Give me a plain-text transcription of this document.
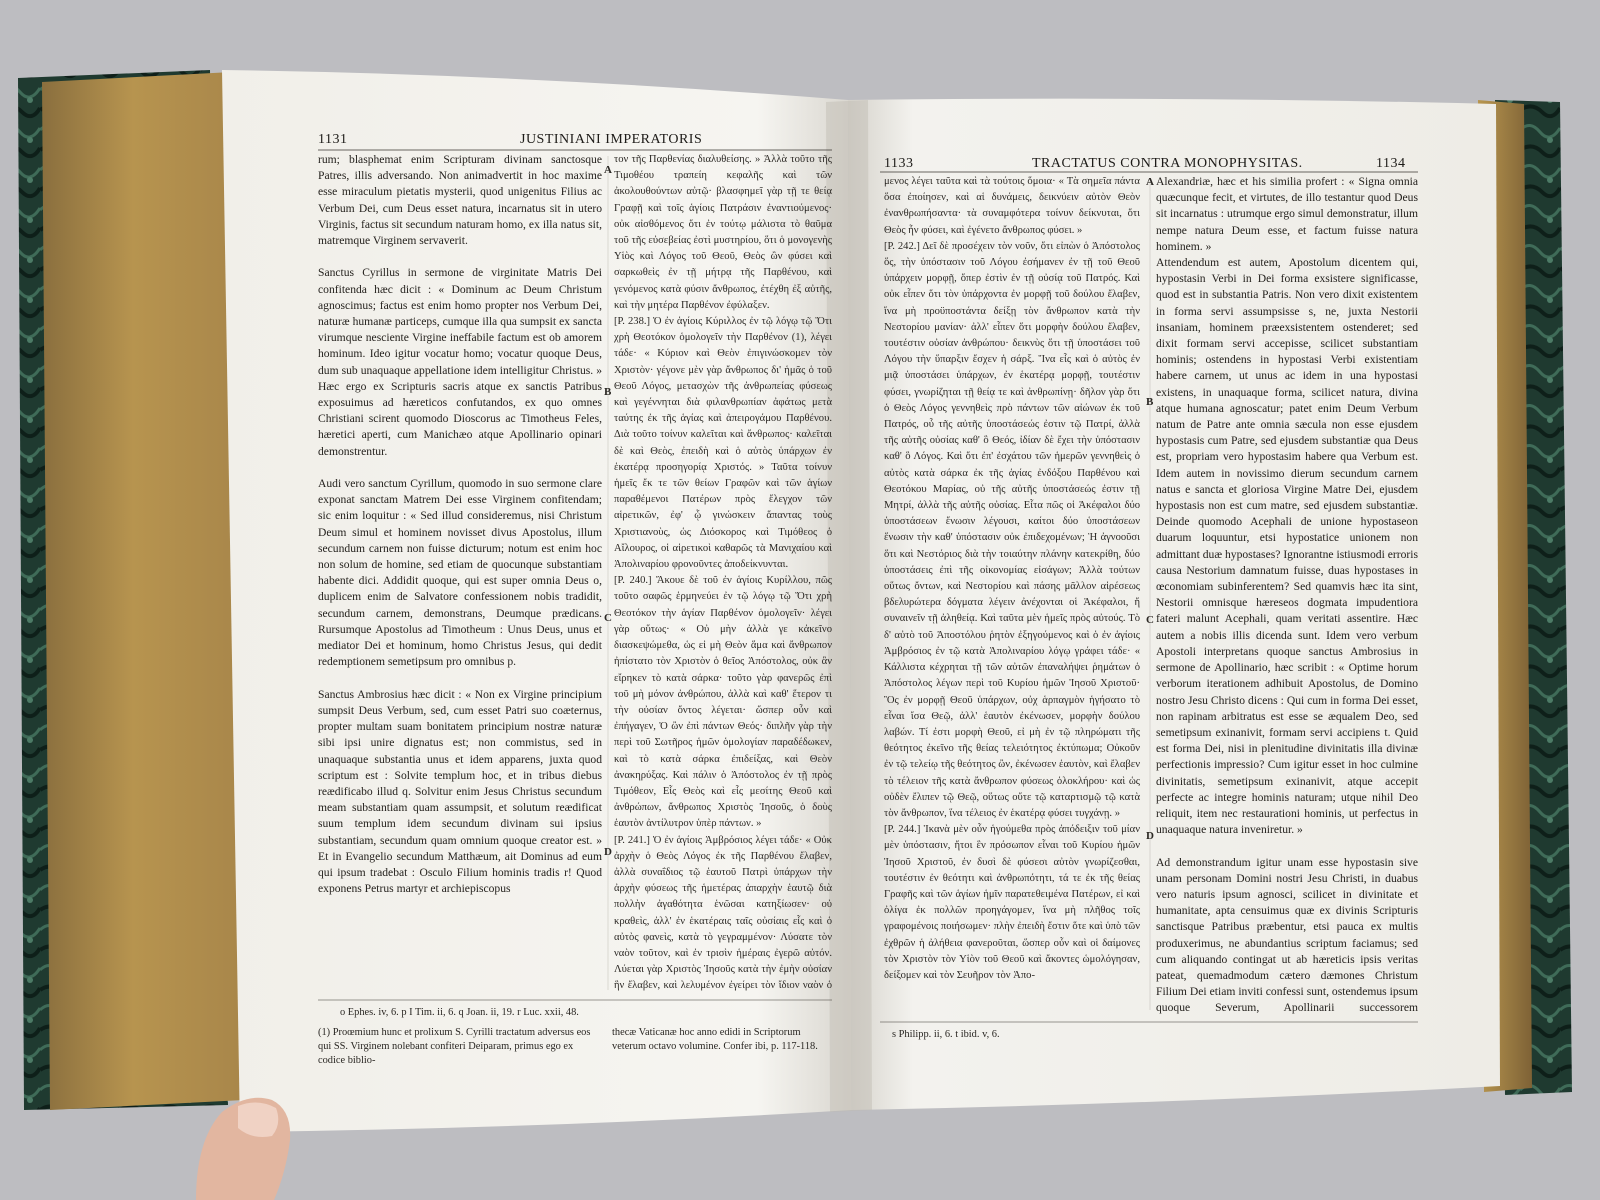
1131	JUSTINIANI IMPERATORIS
rum; blasphemat enim Scripturam divinam sanctosque Patres, illis adversando. Non animadvertit in hoc maxime esse miraculum pietatis mysterii, quod unigenitus Filius ac Verbum Dei, cum Deus esset natura, incarnatus sit in utero Virginis, factus sit secundum naturam homo, ex illa natus sit, matremque Virginem servaverit.

Sanctus Cyrillus in sermone de virginitate Matris Dei confitenda hæc dicit : « Dominum ac Deum Christum agnoscimus; factus est enim homo propter nos Verbum Dei, naturæ humanæ particeps, cumque illa qua sumpsit ex sancta virumque nesciente Virgine ineffabile factum est ob amorem hominum. Ideo igitur vocatur homo; vocatur quoque Deus, dum sub unaquaque appellatione idem intelligitur Christus. » Hæc ergo ex Scripturis sacris atque ex sanctis Patribus exposuimus ad hæreticos confutandos, ex quo omnes Christiani scirent quomodo Dioscorus ac Timotheus Feles, hæretici aperti, cum Manichæo atque Apollinario opinari demonstrentur.

Audi vero sanctum Cyrillum, quomodo in suo sermone clare exponat sanctam Matrem Dei esse Virginem confitendam; sic enim loquitur : « Sed illud consideremus, nisi Christum Deum simul et hominem novisset divus Apostolus, illum secundum carnem non fuisse dicturum; notum est enim hoc non solum de homine, sed etiam de quocunque substantiam habente dici. Addidit quoque, qui est super omnia Deus o, duplicem enim de Salvatore confessionem nobis tradidit, secundum carnem, demonstrans, Deumque prædicans. Rursumque Apostolus ad Timotheum : Unus Deus, unus et mediator Dei et hominum, homo Christus Jesus, qui dedit redemptionem semetipsum pro omnibus p.

Sanctus Ambrosius hæc dicit : « Non ex Virgine principium sumpsit Deus Verbum, sed, cum esset Patri suo coæternus, propter multam suam bonitatem principium nostræ naturæ sibi ipsi unire dignatus est; non commistus, sed in unaquaque substantia unus et idem apparens, juxta quod scriptum est : Solvite templum hoc, et in tribus diebus reædificabo illud q. Solvitur enim Jesus Christus secundum meam substantiam quam assumpsit, et solutum reædificat suum templum idem secundum divinam sui ipsius substantiam, secundum quam omnium quoque creator est. » Et in Evangelio secundum Matthæum, ait Dominus ad eum qui ipsum tradebat : Osculo Filium hominis tradis r! Quod exponens Petrus martyr et archiepiscopus
τον τῆς Παρθενίας διαλυθείσης. » Ἀλλὰ τοῦτο τῆς Τιμοθέου τραπείη κεφαλῆς καὶ τῶν ἀκολουθούντων αὐτῷ· βλασφημεῖ γὰρ τῇ τε θείᾳ Γραφῇ καὶ τοῖς ἁγίοις Πατράσιν ἐναντιούμενος· οὐκ αἰσθόμενος ὅτι ἐν τούτῳ μάλιστα τὸ θαῦμα τοῦ τῆς εὐσεβείας ἐστὶ μυστηρίου, ὅτι ὁ μονογενὴς Υἱὸς καὶ Λόγος τοῦ Θεοῦ, Θεὸς ὢν φύσει καὶ σαρκωθεὶς ἐν τῇ μήτρᾳ τῆς Παρθένου, καὶ γενόμενος κατὰ φύσιν ἄνθρωπος, ἐτέχθη ἐξ αὐτῆς, καὶ τὴν μητέρα Παρθένον ἐφύλαξεν.
[P. 238.] Ὁ ἐν ἁγίοις Κύριλλος ἐν τῷ λόγῳ τῷ Ὅτι χρὴ Θεοτόκον ὁμολογεῖν τὴν Παρθένον (1), λέγει τάδε· « Κύριον καὶ Θεὸν ἐπιγινώσκομεν τὸν Χριστὸν· γέγονε μὲν γὰρ ἄνθρωπος δι' ἡμᾶς ὁ τοῦ Θεοῦ Λόγος, μετασχὼν τῆς ἀνθρωπείας φύσεως καὶ γεγέννηται διὰ φιλανθρωπίαν ἀφάτως μετὰ ταύτης ἐκ τῆς ἁγίας καὶ ἀπειρογάμου Παρθένου. Διὰ τοῦτο τοίνυν καλεῖται καὶ ἄνθρωπος· καλεῖται δὲ καὶ Θεὸς, ἐπειδὴ καὶ ὁ αὐτὸς ὑπάρχων ἐν ἑκατέρᾳ προσηγορίᾳ Χριστός. » Ταῦτα τοίνυν ἡμεῖς ἔκ τε τῶν θείων Γραφῶν καὶ τῶν ἁγίων παραθέμενοι Πατέρων πρὸς ἔλεγχον τῶν αἱρετικῶν, ἐφ' ᾧ γινώσκειν ἅπαντας τοὺς Χριστιανοὺς, ὡς Διόσκορος καὶ Τιμόθεος ὁ Αἴλουρος, οἱ αἱρετικοὶ καθαρῶς τὰ Μανιχαίου καὶ Ἀπολιναρίου φρονοῦντες ἀποδείκνυνται.
[P. 240.] Ἄκουε δὲ τοῦ ἐν ἁγίοις Κυρίλλου, πῶς τοῦτο σαφῶς ἑρμηνεύει ἐν τῷ λόγῳ τῷ Ὅτι χρὴ Θεοτόκον τὴν ἁγίαν Παρθένον ὁμολογεῖν· λέγει γὰρ οὕτως· « Οὐ μὴν ἀλλὰ γε κἀκεῖνο διασκεψώμεθα, ὡς εἰ μὴ Θεὸν ἅμα καὶ ἄνθρωπον ἠπίστατο τὸν Χριστὸν ὁ θεῖος Ἀπόστολος, οὐκ ἂν εἴρηκεν τὸ κατὰ σάρκα· τοῦτο γὰρ φανερῶς ἐπὶ τοῦ μὴ μόνον ἀνθρώπου, ἀλλὰ καὶ καθ' ἕτερον τι τὴν οὐσίαν ὄντος λέγεται· ὥσπερ οὖν καὶ ἐπήγαγεν, Ὁ ὢν ἐπὶ πάντων Θεός· διπλῆν γὰρ τὴν περὶ τοῦ Σωτῆρος ἡμῶν ὁμολογίαν παραδέδωκεν, καὶ τὸ κατὰ σάρκα ἐπιδείξας, καὶ Θεὸν ἀνακηρύξας. Καὶ πάλιν ὁ Ἀπόστολος ἐν τῇ πρὸς Τιμόθεον, Εἷς Θεὸς καὶ εἷς μεσίτης Θεοῦ καὶ ἀνθρώπων, ἄνθρωπος Χριστὸς Ἰησοῦς, ὁ δοὺς ἑαυτὸν ἀντίλυτρον ὑπὲρ πάντων. »
[P. 241.] Ὁ ἐν ἁγίοις Ἀμβρόσιος λέγει τάδε· « Οὐκ ἀρχὴν ὁ Θεὸς Λόγος ἐκ τῆς Παρθένου ἔλαβεν, ἀλλὰ συναΐδιος τῷ ἑαυτοῦ Πατρὶ ὑπάρχων τὴν ἀρχὴν φύσεως τῆς ἡμετέρας ἀπαρχὴν ἑαυτῷ διὰ πολλὴν ἀγαθότητα ἑνῶσαι κατηξίωσεν· οὐ κραθεὶς, ἀλλ' ἐν ἑκατέραις ταῖς οὐσίαις εἷς καὶ ὁ αὐτὸς φανεὶς, κατὰ τὸ γεγραμμένον· Λύσατε τὸν ναὸν τοῦτον, καὶ ἐν τρισὶν ἡμέραις ἐγερῶ αὐτόν. Λύεται γὰρ Χριστὸς Ἰησοῦς κατὰ τὴν ἐμὴν οὐσίαν ἣν ἔλαβεν, καὶ λελυμένον ἐγείρει τὸν ἴδιον ναὸν ὁ
A
B
C
D
o Ephes. iv, 6. p I Tim. ii, 6. q Joan. ii, 19. r Luc. xxii, 48.
(1) Proœmium hunc et prolixum S. Cyrilli tractatum adversus eos qui SS. Virginem nolebant confiteri Deiparam, primus ego ex codice biblio-
thecæ Vaticanæ hoc anno edidi in Scriptorum veterum octavo volumine. Confer ibi, p. 117-118.
1133	TRACTATUS CONTRA MONOPHYSITAS.	1134
μενος λέγει ταῦτα καὶ τὰ τούτοις ὅμοια· « Τὰ σημεῖα πάντα ὅσα ἐποίησεν, καὶ αἱ δυνάμεις, δεικνύειν αὐτὸν Θεὸν ἐνανθρωπήσαντα· τὰ συναμφότερα τοίνυν δείκνυται, ὅτι Θεὸς ἦν φύσει, καὶ ἐγένετο ἄνθρωπος φύσει. »
[P. 242.] Δεῖ δὲ προσέχειν τὸν νοῦν, ὅτι εἰπὼν ὁ Ἀπόστολος ὅς, τὴν ὑπόστασιν τοῦ Λόγου ἐσήμανεν ἐν τῇ τοῦ Θεοῦ ὑπάρχειν μορφῇ, ὅπερ ἐστὶν ἐν τῇ οὐσίᾳ τοῦ Πατρός. Καὶ οὐκ εἶπεν ὅτι τὸν ὑπάρχοντα ἐν μορφῇ τοῦ δούλου ἔλαβεν, ἵνα μὴ προϋποστάντα δείξῃ τὸν ἄνθρωπον κατὰ τὴν Νεστορίου μανίαν· ἀλλ' εἶπεν ὅτι μορφὴν δούλου ἔλαβεν, τουτέστιν οὐσίαν ἀνθρώπου· δεικνὺς ὅτι τῇ ὑποστάσει τοῦ Λόγου τὴν ὕπαρξιν ἔσχεν ἡ σάρξ. Ἵνα εἷς καὶ ὁ αὐτὸς ἐν μιᾷ ὑποστάσει ὑπάρχων, ἐν ἑκατέρᾳ μορφῇ, τουτέστιν φύσει, γνωρίζηται τῇ θείᾳ τε καὶ ἀνθρωπίνῃ· δῆλον γὰρ ὅτι ὁ Θεὸς Λόγος γεννηθεὶς πρὸ πάντων τῶν αἰώνων ἐκ τοῦ Πατρός, οὗ τῆς αὐτῆς ὑποστάσεώς ἐστιν τῷ Πατρί, ἀλλὰ τῆς αὐτῆς οὐσίας καθ' ὃ Θεός, ἰδίαν δὲ ἔχει τὴν ὑπόστασιν καθ' ὃ Λόγος. Καὶ ὅτι ἐπ' ἐσχάτου τῶν ἡμερῶν γεννηθεὶς ὁ αὐτὸς κατὰ σάρκα ἐκ τῆς ἁγίας ἐνδόξου Παρθένου καὶ Θεοτόκου Μαρίας, οὐ τῆς αὐτῆς ὑποστάσεώς ἐστιν τῇ Μητρί, ἀλλὰ τῆς αὐτῆς οὐσίας. Εἶτα πῶς οἱ Ἀκέφαλοι δύο ὑποστάσεων ἕνωσιν λέγουσι, καίτοι δύο ὑποστάσεων ἕνωσιν τὴν καθ' ὑπόστασιν οὐκ ἐπιδεχομένων; Ἡ ἀγνοοῦσι ὅτι καὶ Νεστόριος διὰ τὴν τοιαύτην πλάνην κατεκρίθη, δύο ὑποστάσεις ἐπὶ τῆς οἰκονομίας εἰσάγων; Ἀλλὰ τούτων οὕτως ὄντων, καὶ Νεστορίου καὶ πάσης μᾶλλον αἱρέσεως βδελυρώτερα δόγματα λέγειν ἀνέχονται οἱ Ἀκέφαλοι, ἤ συναινεῖν τῇ ἀληθείᾳ. Καὶ ταῦτα μὲν ἡμεῖς πρὸς αὐτούς. Τὸ δ' αὐτὸ τοῦ Ἀποστόλου ῥητὸν ἐξηγούμενος καὶ ὁ ἐν ἁγίοις Ἀμβρόσιος ἐν τῷ κατὰ Ἀπολιναρίου λόγῳ γράφει τάδε· « Κάλλιστα κέχρηται τῇ τῶν αὐτῶν ἐπαναλήψει ῥημάτων ὁ Ἀπόστολος λέγων περὶ τοῦ Κυρίου ἡμῶν Ἰησοῦ Χριστοῦ· Ὃς ἐν μορφῇ Θεοῦ ὑπάρχων, οὐχ ἁρπαγμὸν ἡγήσατο τὸ εἶναι ἴσα Θεῷ, ἀλλ' ἑαυτὸν ἐκένωσεν, μορφὴν δούλου λαβών. Τί ἐστι μορφὴ Θεοῦ, εἰ μὴ ἐν τῷ πληρώματι τῆς θεότητος ἐκεῖνο τῆς θείας τελειότητος ἐκτύπωμα; Οὐκοῦν ἐν τῷ τελείῳ τῆς θεότητος ὢν, ἐκένωσεν ἑαυτὸν, καὶ ἔλαβεν τὸ τέλειον τῆς κατὰ ἄνθρωπον φύσεως ὁλοκλήρου· καὶ ὡς οὐδὲν ἔλιπεν τῷ Θεῷ, οὕτως οὔτε τῷ καταρτισμῷ τῷ κατὰ τὸν ἄνθρωπον, ἵνα τέλειος ἐν ἑκατέρᾳ φύσει τυγχάνῃ. »
[P. 244.] Ἱκανὰ μὲν οὖν ἡγούμεθα πρὸς ἀπόδειξιν τοῦ μίαν μὲν ὑπόστασιν, ἤτοι ἓν πρόσωπον εἶναι τοῦ Κυρίου ἡμῶν Ἰησοῦ Χριστοῦ, ἐν δυσὶ δὲ φύσεσι αὐτὸν γνωρίζεσθαι, τουτέστιν ἐν θεότητι καὶ ἀνθρωπότητι, τά τε ἐκ τῆς θείας Γραφῆς καὶ τῶν ἁγίων ἡμῖν παρατεθειμένα Πατέρων, εἰ καὶ ὀλίγα ἐκ πολλῶν προηγάγομεν, ἵνα μὴ πλῆθος τοῖς γραφομένοις ποιήσωμεν· πλὴν ἐπειδὴ ἔστιν ὅτε καὶ ὑπὸ τῶν ἐχθρῶν ἡ ἀλήθεια φανεροῦται, ὥσπερ οὖν καὶ οἱ δαίμονες τὸν Χριστὸν τὸν Υἱὸν τοῦ Θεοῦ καὶ ἄκοντες ὡμολόγησαν, δείξομεν καὶ τὸν Σευῆρον τὸν Ἀπο-
Alexandriæ, hæc et his similia profert : « Signa omnia quæcunque fecit, et virtutes, de illo testantur quod Deus sit incarnatus : utrumque ergo simul demonstratur, illum nempe natura Deum esse, et factum fuisse natura hominem. »
Attendendum est autem, Apostolum dicentem qui, hypostasin Verbi in Dei forma exsistere significasse, quod est in substantia Patris. Non vero dixit existentem in forma servi assumpsisse s, ne, juxta Nestorii insaniam, hominem præexsistentem ostenderet; sed dixit formam servi accepisse, scilicet substantiam hominis; ostendens in hypostasi Verbi existentiam habere carnem, ut unus ac idem in una hypostasi existens, in unaquaque forma, scilicet natura, divina atque humana agnoscatur; patet enim Deum Verbum natum de Patre ante omnia sæcula non esse ejusdem hypostasis cum Patre, sed ejusdem substantiæ qua Deus est, propriam vero hypostasim habere qua Verbum est. Idem autem in novissimo dierum secundum carnem natus e sancta et gloriosa Virgine Matre Dei, ejusdem hypostasis non est cum matre, sed ejusdem substantiæ. Deinde quomodo Acephali de unione hypostaseon duarum loquuntur, etsi hypostatice unionem non admittant duæ hypostases? Ignorantne istiusmodi erroris causa Nestorium damnatum fuisse, duas hypostases in œconomiam subinferentem? Sed quamvis hæc ita sint, Nestorii omnisque hæreseos dogmata impudentiora fateri malunt Acephali, quam veritati assentire. Hæc autem a nobis illis dicenda sunt. Idem vero verbum Apostoli interpretans quoque sanctus Ambrosius in sermone de Apollinario, hæc scribit : « Optime horum verborum iterationem adhibuit Apostolus, de Domino nostro Jesu Christo dicens : Qui cum in forma Dei esset, non rapinam arbitratus est esse se æqualem Deo, sed semetipsum exinanivit, formam servi accipiens t. Quid est forma Dei, nisi in plenitudine divinitatis illa divinæ perfectionis impressio? Cum igitur esset in hoc culmine divinitatis, semetipsum exinanivit, atque accepit perfecte ac integre hominis naturam; utque nihil Deo reliquit, item nec restaurationi hominis, ut perfectus in unaquaque natura inveniretur. »

Ad demonstrandum igitur unam esse hypostasin sive unam personam Domini nostri Jesu Christi, in duabus vero naturis ipsum agnosci, scilicet in divinitate et humanitate, apta censuimus quæ ex divinis Scripturis sanctisque Patribus præbentur, etsi pauca ex multis produxerimus, ne abundantius scriptum faciamus; sed cum aliquando contingat ut ab hæreticis ipsis veritas pateat, quemadmodum cætero dæmones Christum Filium Dei etiam inviti confessi sunt, ostendemus ipsum quoque Severum, Apollinarii successorem
A
B
C
D
s Philipp. ii, 6. t ibid. v, 6.
